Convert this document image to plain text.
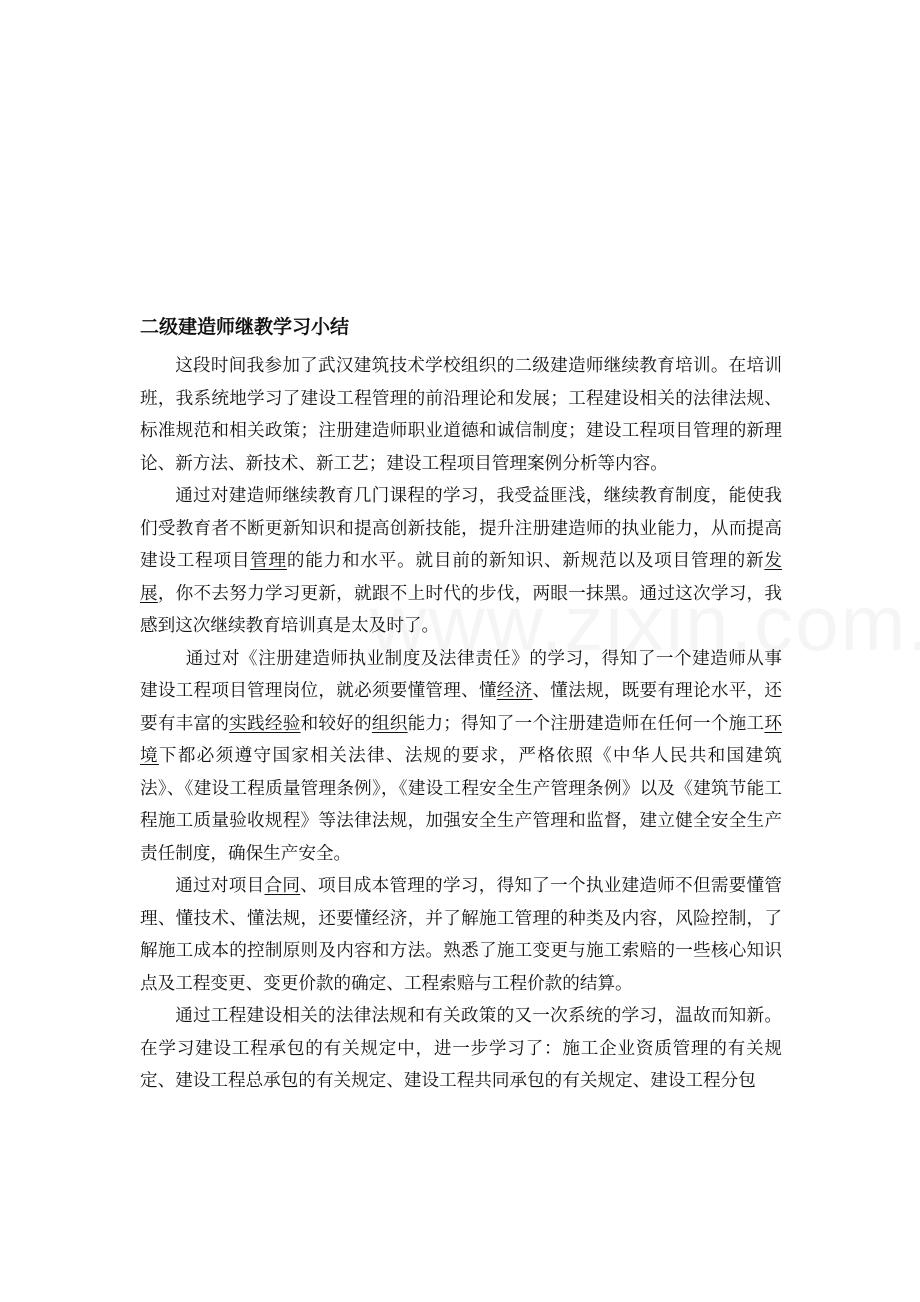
二级建造师继教学习小结

这段时间我参加了武汉建筑技术学校组织的二级建造师继续教育培训。在培训班，我系统地学习了建设工程管理的前沿理论和发展；工程建设相关的法律法规、标准规范和相关政策；注册建造师职业道德和诚信制度；建设工程项目管理的新理论、新方法、新技术、新工艺；建设工程项目管理案例分析等内容。

通过对建造师继续教育几门课程的学习，我受益匪浅，继续教育制度，能使我们受教育者不断更新知识和提高创新技能，提升注册建造师的执业能力，从而提高建设工程项目管理的能力和水平。就目前的新知识、新规范以及项目管理的新发展，你不去努力学习更新，就跟不上时代的步伐，两眼一抹黑。通过这次学习，我感到这次继续教育培训真是太及时了。

通过对《注册建造师执业制度及法律责任》的学习，得知了一个建造师从事建设工程项目管理岗位，就必须要懂管理、懂经济、懂法规，既要有理论水平，还要有丰富的实践经验和较好的组织能力；得知了一个注册建造师在任何一个施工环境下都必须遵守国家相关法律、法规的要求，严格依照《中华人民共和国建筑法》、《建设工程质量管理条例》，《建设工程安全生产管理条例》以及《建筑节能工程施工质量验收规程》等法律法规，加强安全生产管理和监督，建立健全安全生产责任制度，确保生产安全。

通过对项目合同、项目成本管理的学习，得知了一个执业建造师不但需要懂管理、懂技术、懂法规，还要懂经济，并了解施工管理的种类及内容，风险控制，了解施工成本的控制原则及内容和方法。熟悉了施工变更与施工索赔的一些核心知识点及工程变更、变更价款的确定、工程索赔与工程价款的结算。

通过工程建设相关的法律法规和有关政策的又一次系统的学习，温故而知新。在学习建设工程承包的有关规定中，进一步学习了：施工企业资质管理的有关规定、建设工程总承包的有关规定、建设工程共同承包的有关规定、建设工程分包
